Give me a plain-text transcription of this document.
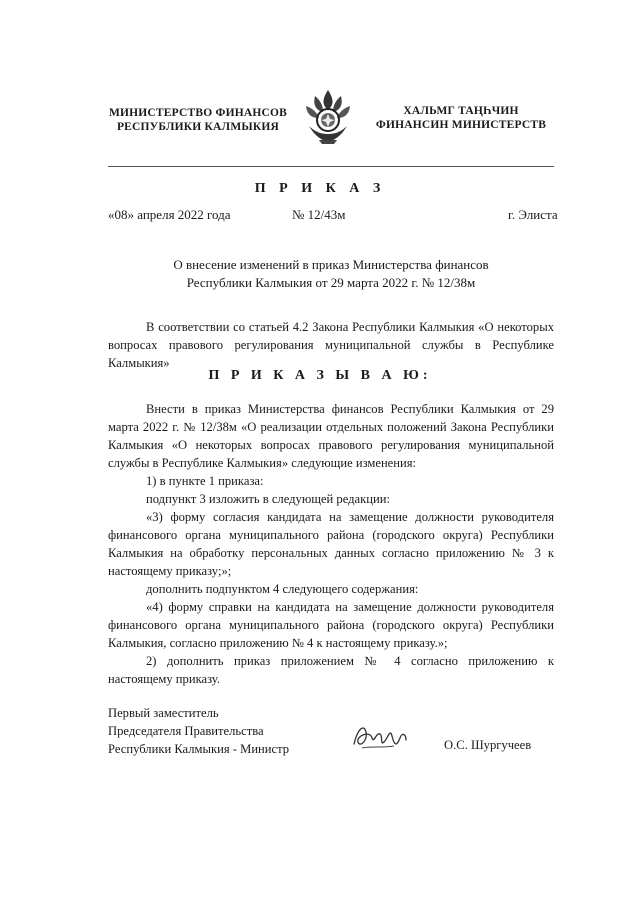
МИНИСТЕРСТВО ФИНАНСОВ
РЕСПУБЛИКИ КАЛМЫКИЯ
ХАЛЬМГ ТАҢҺЧИН
ФИНАНСИН МИНИСТЕРСТВ
П Р И К А З
«08» апреля 2022 года	№ 12/43м	г. Элиста
О внесение изменений в приказ Министерства финансов
Республики Калмыкия от 29 марта 2022 г. № 12/38м
В соответствии со статьей 4.2 Закона Республики Калмыкия «О некоторых вопросах правового регулирования муниципальной службы в Республике Калмыкия»
П Р И К А З Ы В А Ю:

Внести в приказ Министерства финансов Республики Калмыкия от 29 марта 2022 г. № 12/38м «О реализации отдельных положений Закона Республики Калмыкия «О некоторых вопросах правового регулирования муниципальной службы в Республике Калмыкия» следующие изменения:

1) в пункте 1 приказа:

подпункт 3 изложить в следующей редакции:

«3) форму согласия кандидата на замещение должности руководителя финансового органа муниципального района (городского округа) Республики Калмыкия на обработку персональных данных согласно приложению № 3 к настоящему приказу;»;

дополнить подпунктом 4 следующего содержания:

«4) форму справки на кандидата на замещение должности руководителя финансового органа муниципального района (городского округа) Республики Калмыкия, согласно приложению № 4 к настоящему приказу.»;

2) дополнить приказ приложением № 4 согласно приложению к настоящему приказу.

Первый заместитель
Председателя Правительства
Республики Калмыкия - Министр	О.С. Шургучеев
